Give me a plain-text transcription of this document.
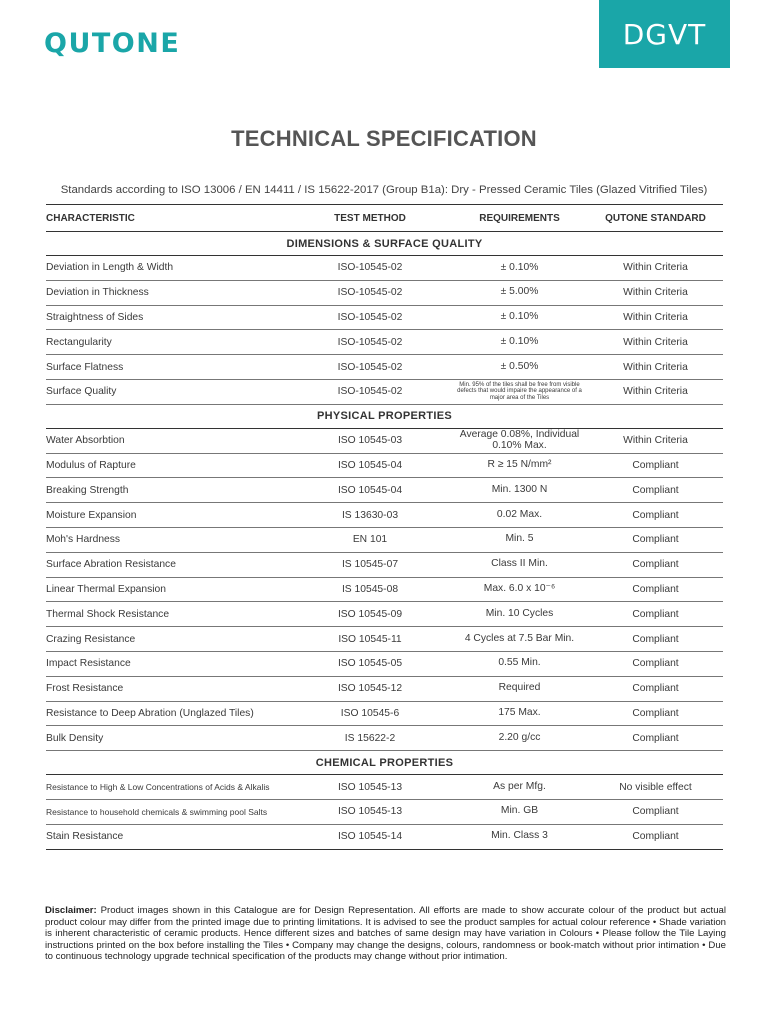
QUTONE	DGVT
TECHNICAL SPECIFICATION
Standards according to ISO 13006 / EN 14411 / IS 15622-2017 (Group B1a): Dry - Pressed Ceramic Tiles (Glazed Vitrified Tiles)
CHARACTERISTIC	TEST METHOD	REQUIREMENTS	QUTONE STANDARD
DIMENSIONS & SURFACE QUALITY			
Deviation in Length & Width	ISO-10545-02	± 0.10%	Within Criteria
Deviation in Thickness	ISO-10545-02	± 5.00%	Within Criteria
Straightness of Sides	ISO-10545-02	± 0.10%	Within Criteria
Rectangularity	ISO-10545-02	± 0.10%	Within Criteria
Surface Flatness	ISO-10545-02	± 0.50%	Within Criteria
Surface Quality	ISO-10545-02	Min. 95% of the tiles shall be free from visible defects that would impaire the appearance of a major area of the Tiles	Within Criteria
PHYSICAL PROPERTIES			
Water Absorbtion	ISO 10545-03	Average 0.08%, Individual 0.10% Max.	Within Criteria
Modulus of Rapture	ISO 10545-04	R ≥ 15 N/mm²	Compliant
Breaking Strength	ISO 10545-04	Min. 1300 N	Compliant
Moisture Expansion	IS 13630-03	0.02 Max.	Compliant
Moh's Hardness	EN 101	Min. 5	Compliant
Surface Abration Resistance	IS 10545-07	Class II Min.	Compliant
Linear Thermal Expansion	IS 10545-08	Max. 6.0 x 10⁻⁶	Compliant
Thermal Shock Resistance	ISO 10545-09	Min. 10 Cycles	Compliant
Crazing Resistance	ISO 10545-11	4 Cycles at 7.5 Bar Min.	Compliant
Impact Resistance	ISO 10545-05	0.55 Min.	Compliant
Frost Resistance	ISO 10545-12	Required	Compliant
Resistance to Deep Abration (Unglazed Tiles)	ISO 10545-6	175 Max.	Compliant
Bulk Density	IS 15622-2	2.20 g/cc	Compliant
CHEMICAL PROPERTIES			
Resistance to High & Low Concentrations of Acids & Alkalis	ISO 10545-13	As per Mfg.	No visible effect
Resistance to household chemicals & swimming pool Salts	ISO 10545-13	Min. GB	Compliant
Stain Resistance	ISO 10545-14	Min. Class 3	Compliant
Disclaimer: Product images shown in this Catalogue are for Design Representation. All efforts are made to show accurate colour of the product but actual product colour may differ from the printed image due to printing limitations. It is advised to see the product samples for actual colour reference • Shade variation is inherent characteristic of ceramic products. Hence different sizes and batches of same design may have variation in Colours • Please follow the Tile Laying instructions printed on the box before installing the Tiles • Company may change the designs, colours, randomness or book-match without prior intimation • Due to continuous technology upgrade technical specification of the products may change without prior intimation.
